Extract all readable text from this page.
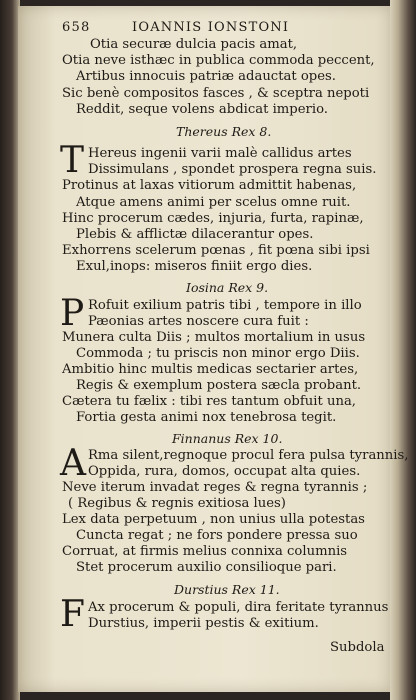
658	IOANNIS IONSTONI
Otia securæ dulcia pacis amat,
Otia neve isthæc in publica commoda peccent,
Artibus innocuis patriæ adauctat opes.
Sic benè compositos fasces , & sceptra nepoti
Reddit, seque volens abdicat imperio.
Thereus Rex 8.
T Hereus ingenii varii malè callidus artes
Dissimulans , spondet prospera regna suis.
Protinus at laxas vitiorum admittit habenas,
Atque amens animi per scelus omne ruit.
Hinc procerum cædes, injuria, furta, rapinæ,
Plebis & afflictæ dilacerantur opes.
Exhorrens scelerum pœnas , fit pœna sibi ipsi
Exul,inops: miseros finiit ergo dies.
Iosina Rex 9.
P Rofuit exilium patris tibi , tempore in illo
Pæonias artes noscere cura fuit :
Munera culta Diis ; multos mortalium in usus
Commoda ; tu priscis non minor ergo Diis.
Ambitio hinc multis medicas sectarier artes,
Regis & exemplum postera sæcla probant.
Cætera tu fælix : tibi res tantum obfuit una,
Fortia gesta animi nox tenebrosa tegit.
Finnanus Rex 10.
A Rma silent,regnoque procul fera pulsa tyrannis,
Oppida, rura, domos, occupat alta quies.
Neve iterum invadat reges & regna tyrannis ;
( Regibus & regnis exitiosa lues)
Lex data perpetuum , non unius ulla potestas
Cuncta regat ; ne fors pondere pressa suo
Corruat, at firmis melius connixa columnis
Stet procerum auxilio consilioque pari.
Durstius Rex 11.
F Ax procerum & populi, dira feritate tyrannus
Durstius, imperii pestis & exitium.
Subdola
